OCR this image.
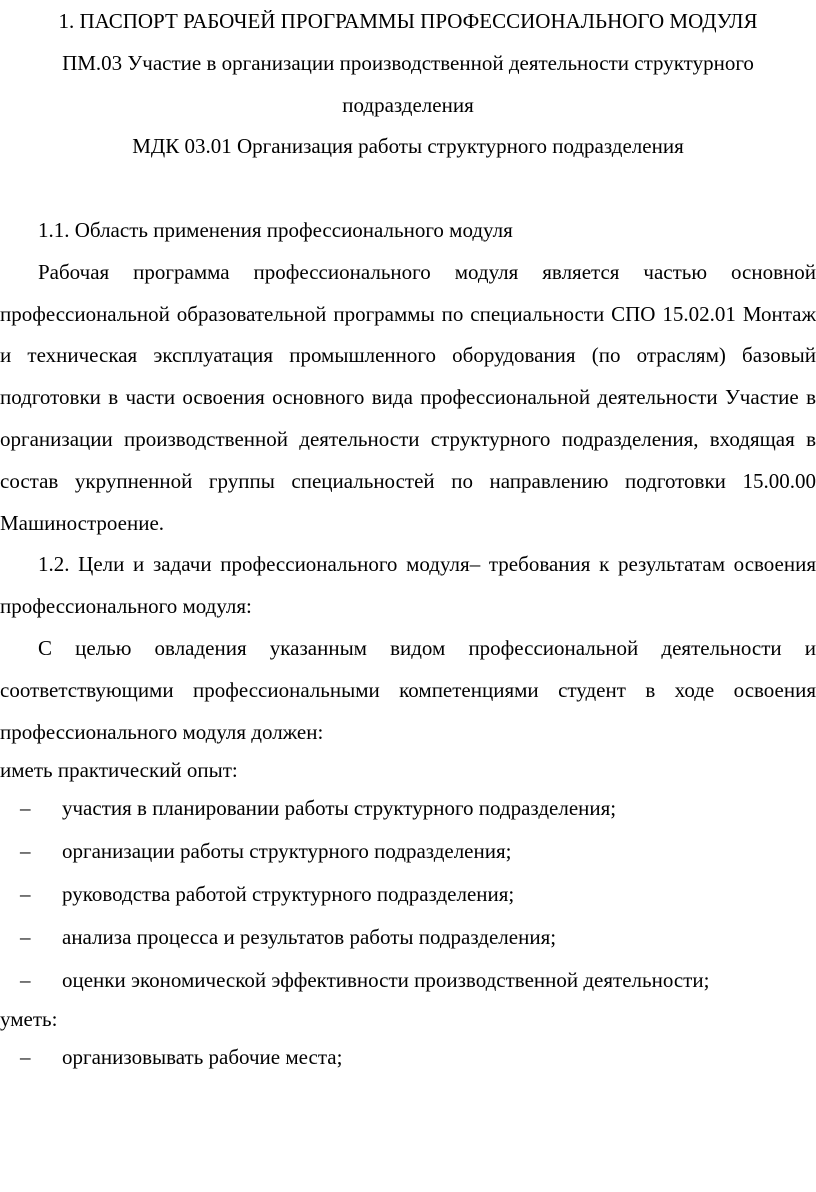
1. ПАСПОРТ РАБОЧЕЙ ПРОГРАММЫ ПРОФЕССИОНАЛЬНОГО МОДУЛЯ

ПМ.03 Участие в организации производственной деятельности структурного подразделения

МДК 03.01 Организация работы структурного подразделения

1.1. Область применения профессионального модуля

Рабочая программа профессионального модуля является частью основной профессиональной образовательной программы по специальности СПО 15.02.01 Монтаж и техническая эксплуатация промышленного оборудования (по отраслям) базовый подготовки в части освоения основного вида профессиональной деятельности Участие в организации производственной деятельности структурного подразделения, входящая в состав укрупненной группы специальностей по направлению подготовки 15.00.00 Машиностроение.

1.2. Цели и задачи профессионального модуля– требования к результатам освоения профессионального модуля:

С целью овладения указанным видом профессиональной деятельности и соответствующими профессиональными компетенциями студент в ходе освоения профессионального модуля должен:

иметь практический опыт:

– участия в планировании работы структурного подразделения;
– организации работы структурного подразделения;
– руководства работой структурного подразделения;
– анализа процесса и результатов работы подразделения;
– оценки экономической эффективности производственной деятельности;

уметь:

– организовывать рабочие места;
